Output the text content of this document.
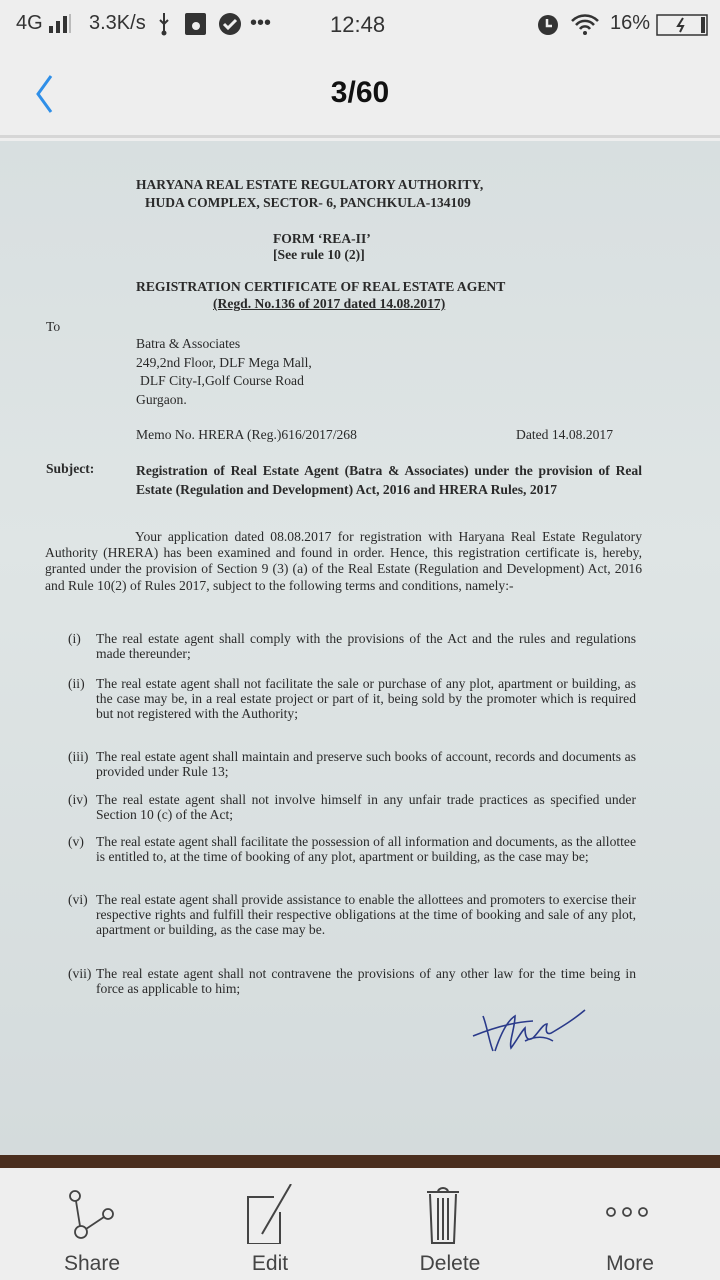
4G 3.3K/s	•••	12:48	16%
3/60
HARYANA REAL ESTATE REGULATORY AUTHORITY,
HUDA COMPLEX, SECTOR- 6, PANCHKULA-134109
FORM ‘REA-II’
[See rule 10 (2)]
REGISTRATION CERTIFICATE OF REAL ESTATE AGENT
(Regd. No.136 of 2017 dated 14.08.2017)
To
Batra & Associates
249,2nd Floor, DLF Mega Mall,
DLF City-I,Golf Course Road
Gurgaon.
Memo No. HRERA (Reg.)616/2017/268	Dated 14.08.2017
Subject:	Registration of Real Estate Agent (Batra & Associates) under the provision of Real Estate (Regulation and Development) Act, 2016 and HRERA Rules, 2017
Your application dated 08.08.2017 for registration with Haryana Real Estate Regulatory Authority (HRERA) has been examined and found in order. Hence, this registration certificate is, hereby, granted under the provision of Section 9 (3) (a) of the Real Estate (Regulation and Development) Act, 2016 and Rule 10(2) of Rules 2017, subject to the following terms and conditions, namely:-
(i) The real estate agent shall comply with the provisions of the Act and the rules and regulations made thereunder;
(ii) The real estate agent shall not facilitate the sale or purchase of any plot, apartment or building, as the case may be, in a real estate project or part of it, being sold by the promoter which is required but not registered with the Authority;
(iii) The real estate agent shall maintain and preserve such books of account, records and documents as provided under Rule 13;
(iv) The real estate agent shall not involve himself in any unfair trade practices as specified under Section 10 (c) of the Act;
(v) The real estate agent shall facilitate the possession of all information and documents, as the allottee is entitled to, at the time of booking of any plot, apartment or building, as the case may be;
(vi) The real estate agent shall provide assistance to enable the allottees and promoters to exercise their respective rights and fulfill their respective obligations at the time of booking and sale of any plot, apartment or building, as the case may be.
(vii) The real estate agent shall not contravene the provisions of any other law for the time being in force as applicable to him;
Share	Edit	Delete	More
